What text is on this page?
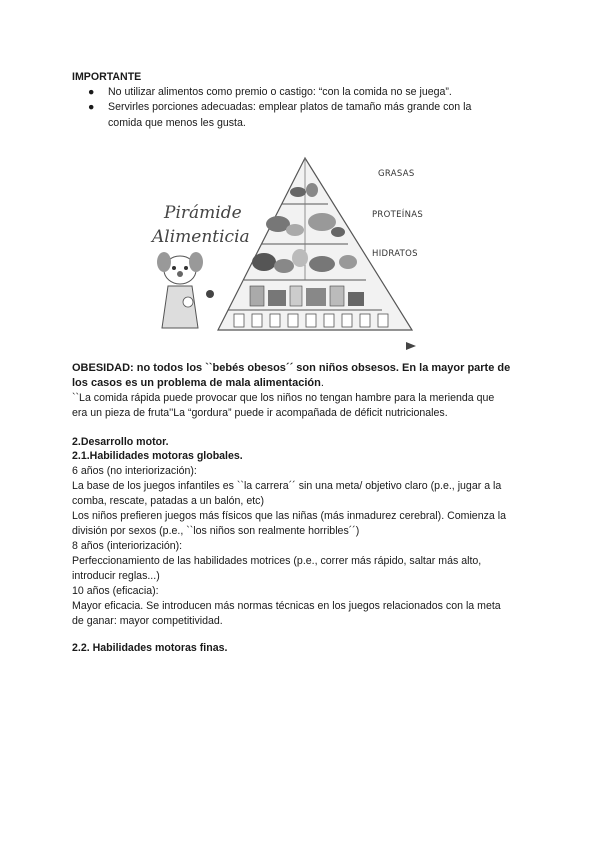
IMPORTANTE
● No utilizar alimentos como premio o castigo: “con la comida no se juega”.
● Servirles porciones adecuadas: emplear platos de tamaño más grande con la
comida que menos les gusta.
GRASAS
PROTEÍNAS
HIDRATOS
Pirámide
Alimenticia
OBESIDAD: no todos los ``bebés obesos´´ son niños obsesos. En la mayor parte de
los casos es un problema de mala alimentación.
``La comida rápida puede provocar que los niños no tengan hambre para la merienda que
era un pieza de fruta''La “gordura” puede ir acompañada de déficit nutricionales.
2.Desarrollo motor.
2.1.Habilidades motoras globales.
6 años (no interiorización):
La base de los juegos infantiles es ``la carrera´´ sin una meta/ objetivo claro (p.e., jugar a la
comba, rescate, patadas a un balón, etc)
Los niños prefieren juegos más físicos que las niñas (más inmadurez cerebral). Comienza la
división por sexos (p.e., ``los niños son realmente horribles´´)
8 años (interiorización):
Perfeccionamiento de las habilidades motrices (p.e., correr más rápido, saltar más alto,
introducir reglas...)
10 años (eficacia):
Mayor eficacia. Se introducen más normas técnicas en los juegos relacionados con la meta
de ganar: mayor competitividad.
2.2. Habilidades motoras finas.
